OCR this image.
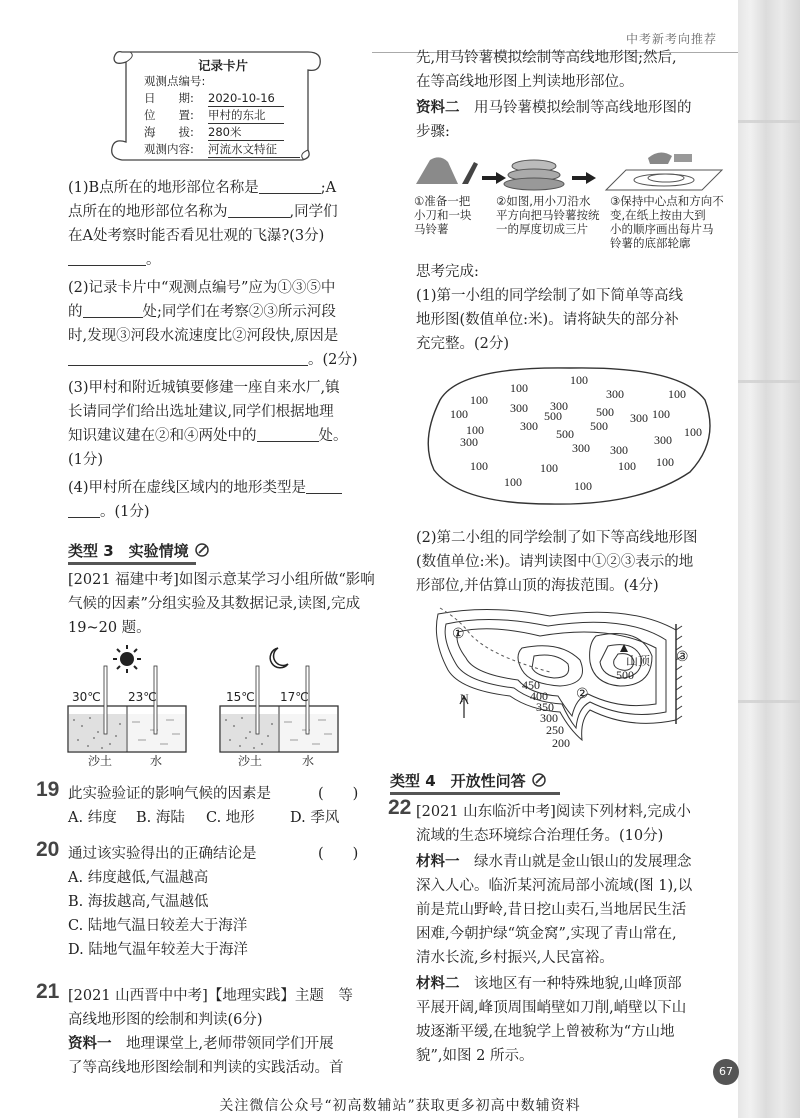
中考新考向推荐
记录卡片
观测点编号:
日　　期: 2020-10-16
位　　置: 甲村的东北
海　　拔: 280米
观测内容: 河流水文特征
(1)B点所在的地形部位名称是	;A
点所在的地形部位名称为	,同学们
在A处考察时能否看见壮观的飞瀑?(3分)
。
(2)记录卡片中“观测点编号”应为①③⑤中
的	处;同学们在考察②③所示河段
时,发现③河段水流速度比②河段快,原因是
。(2分)
(3)甲村和附近城镇要修建一座自来水厂,镇
长请同学们给出选址建议,同学们根据地理
知识建议建在②和④两处中的	处。
(1分)
(4)甲村所在虚线区域内的地形类型是
。(1分)
类型 3　实验情境
[2021 福建中考]如图示意某学习小组所做“影响
气候的因素”分组实验及其数据记录,读图,完成
19~20 题。
30℃ 23℃	15℃ 17℃
沙土	水	沙土	水
19 此实验验证的影响气候的因素是	(　　)
A. 纬度 B. 海陆 C. 地形 D. 季风
20 通过该实验得出的正确结论是	(　　)
A. 纬度越低,气温越高
B. 海拔越高,气温越低
C. 陆地气温日较差大于海洋
D. 陆地气温年较差大于海洋
21 [2021 山西晋中中考]【地理实践】主题　等
高线地形图的绘制和判读(6分)
资料一　地理课堂上,老师带领同学们开展
了等高线地形图绘制和判读的实践活动。首
先,用马铃薯模拟绘制等高线地形图;然后,
在等高线地形图上判读地形部位。
资料二　用马铃薯模拟绘制等高线地形图的
步骤:
①准备一把
小刀和一块
马铃薯
②如图,用小刀沿水
平方向把马铃薯按统
一的厚度切成三片
③保持中心点和方向不
变,在纸上按由大到
小的顺序画出每片马
铃薯的底部轮廓
思考完成:
(1)第一小组的同学绘制了如下简单等高线
地形图(数值单位:米)。请将缺失的部分补
充完整。(2分)
100
100
100
300
100	300 300
500	500
100
100	300
300
500
500
300 100
100
300 300
300
100 100
100	100
100	100
(2)第二小组的同学绘制了如下等高线地形图
(数值单位:米)。请判读图中①②③表示的地
形部位,并估算山顶的海拔范围。(4分)
①
②
③
山顶
500
450
400
350
300
250
200
N
类型 4　开放性问答
22 [2021 山东临沂中考]阅读下列材料,完成小
流域的生态环境综合治理任务。(10分)
材料一　绿水青山就是金山银山的发展理念
深入人心。临沂某河流局部小流域(图 1),以
前是荒山野岭,昔日挖山卖石,当地居民生活
困难,今朝护绿“筑金窝”,实现了青山常在,
清水长流,乡村振兴,人民富裕。
材料二　该地区有一种特殊地貌,山峰顶部
平展开阔,峰顶周围峭壁如刀削,峭壁以下山
坡逐渐平缓,在地貌学上曾被称为“方山地
貌”,如图 2 所示。
67
关注微信公众号“初高数辅站”获取更多初高中数辅资料
